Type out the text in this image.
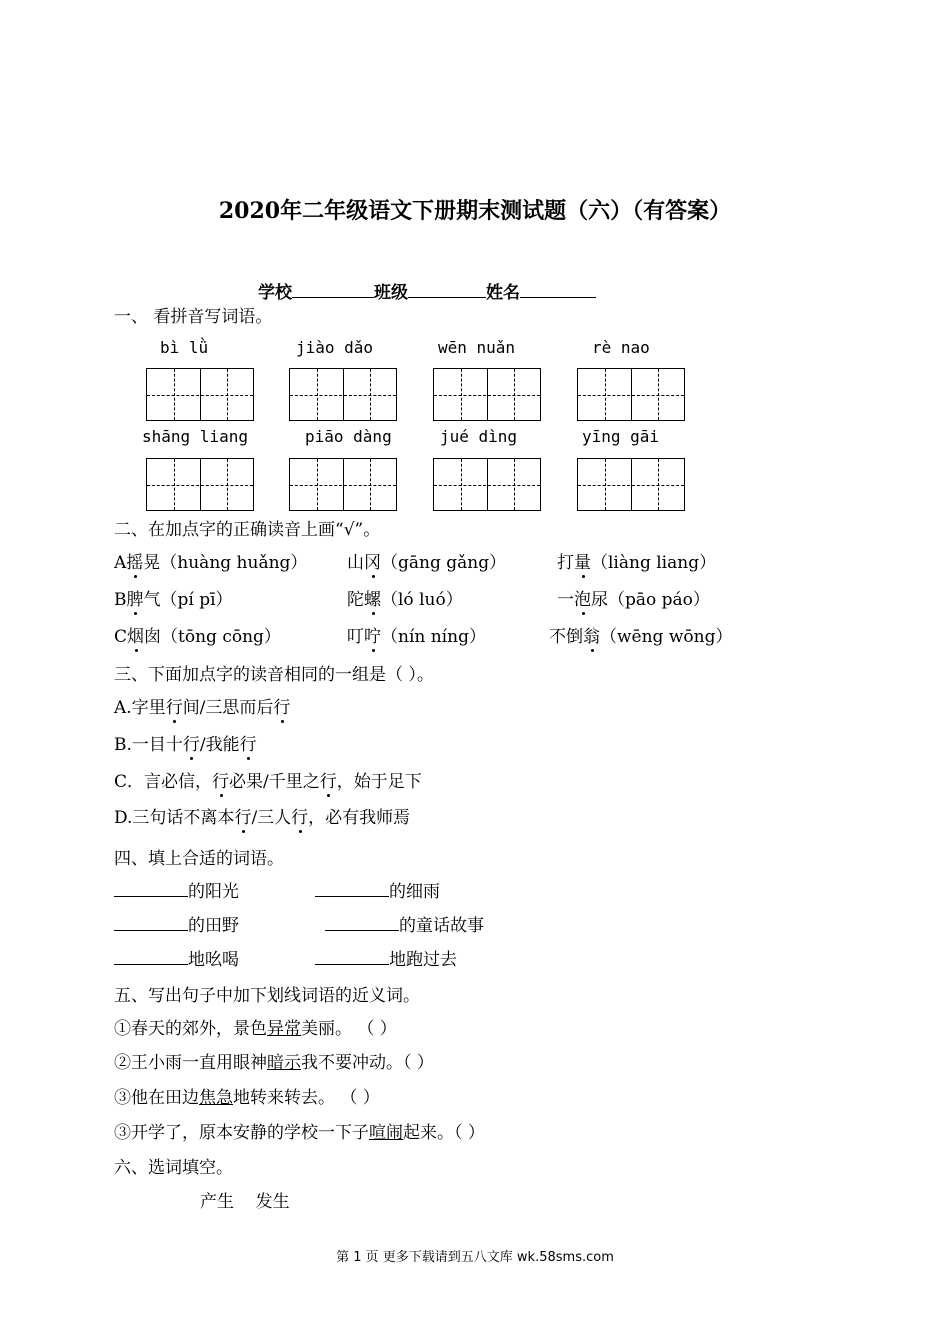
2020年二年级语文下册期末测试题（六）（有答案）
学校	班级	姓名
一、 看拼音写词语。
bì lǜ	jiào dǎo	wēn nuǎn	rè nao
shāng liang	piāo dàng	jué dìng	yīng gāi
二、在加点字的正确读音上画“√”。
A摇晃（huàng huǎng） 山冈（gāng gǎng）	打量（liàng liang）
B脾气（pí pī）	陀螺（ló luó）	一泡尿（pāo páo）
C烟囱（tōng cōng）	叮咛（nín níng）	不倒翁（wēng wōng）
三、下面加点字的读音相同的一组是（ ）。
A.字里行间/三思而后行
B.一目十行/我能行
C．言必信，行必果/千里之行，始于足下
D.三句话不离本行/三人行，必有我师焉
四、填上合适的词语。
的阳光	的细雨
的田野	的童话故事
地吆喝	地跑过去
五、写出句子中加下划线词语的近义词。
①春天的郊外，景色异常美丽。 （ ）
②王小雨一直用眼神暗示我不要冲动。（ ）
③他在田边焦急地转来转去。 （ ）
③开学了，原本安静的学校一下子喧闹起来。（ ）
六、选词填空。
产生    发生
第 1 页 更多下载请到五八文库 wk.58sms.com
